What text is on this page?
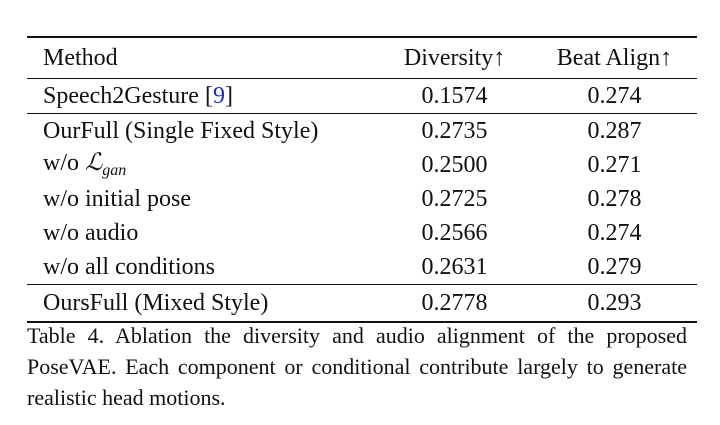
Method	Diversity↑	Beat Align↑
Speech2Gesture [9]	0.1574	0.274
OurFull (Single Fixed Style)	0.2735	0.287
w/o ℒ$_{gan}$	0.2500	0.271
w/o initial pose	0.2725	0.278
w/o audio	0.2566	0.274
w/o all conditions	0.2631	0.279
OursFull (Mixed Style)	0.2778	0.293
Table 4. Ablation the diversity and audio alignment of the proposed PoseVAE. Each component or conditional contribute largely to generate realistic head motions.
